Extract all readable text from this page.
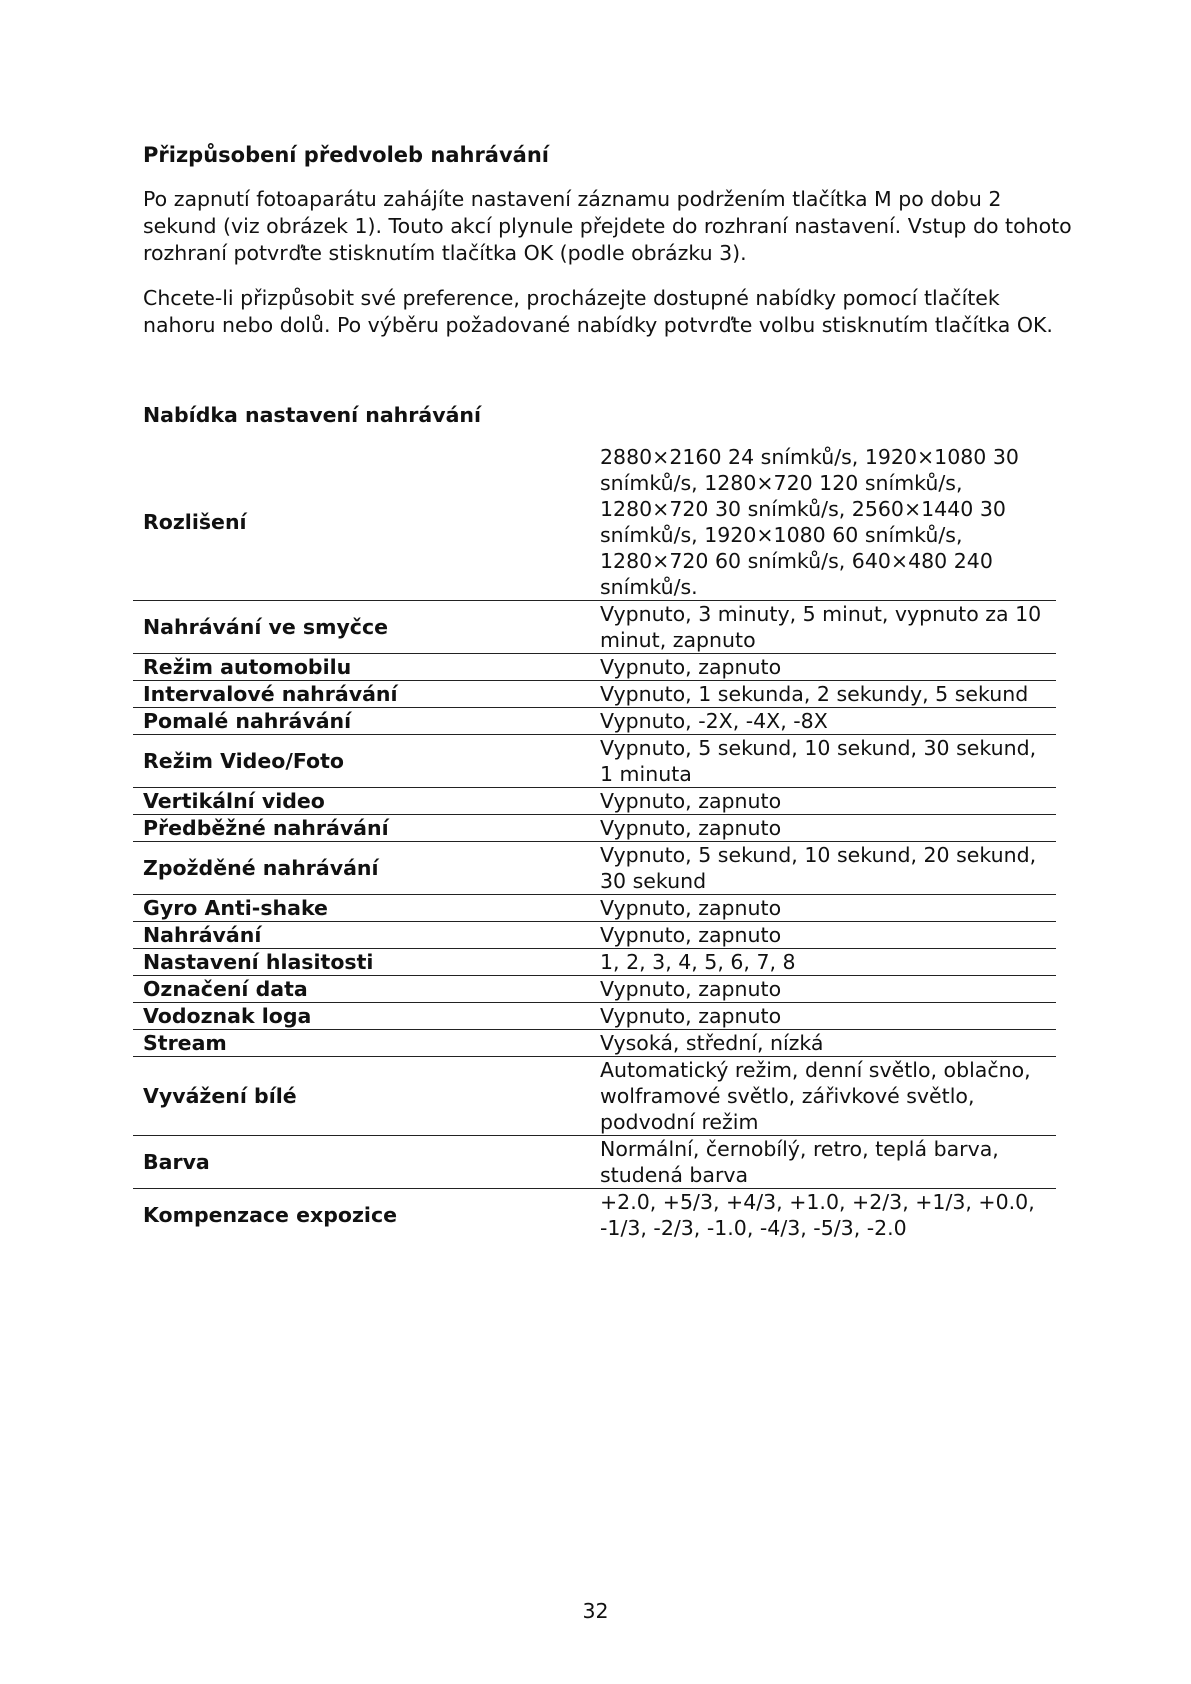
Přizpůsobení předvoleb nahrávání

Po zapnutí fotoaparátu zahájíte nastavení záznamu podržením tlačítka M po dobu 2 sekund (viz obrázek 1). Touto akcí plynule přejdete do rozhraní nastavení. Vstup do tohoto rozhraní potvrďte stisknutím tlačítka OK (podle obrázku 3).

Chcete-li přizpůsobit své preference, procházejte dostupné nabídky pomocí tlačítek nahoru nebo dolů. Po výběru požadované nabídky potvrďte volbu stisknutím tlačítka OK.

Nabídka nastavení nahrávání
Rozlišení	2880×2160 24 snímků/s, 1920×1080 30 snímků/s, 1280×720 120 snímků/s, 1280×720 30 snímků/s, 2560×1440 30 snímků/s, 1920×1080 60 snímků/s, 1280×720 60 snímků/s, 640×480 240 snímků/s.
Nahrávání ve smyčce	Vypnuto, 3 minuty, 5 minut, vypnuto za 10 minut, zapnuto
Režim automobilu	Vypnuto, zapnuto
Intervalové nahrávání	Vypnuto, 1 sekunda, 2 sekundy, 5 sekund
Pomalé nahrávání	Vypnuto, -2X, -4X, -8X
Režim Video/Foto	Vypnuto, 5 sekund, 10 sekund, 30 sekund, 1 minuta
Vertikální video	Vypnuto, zapnuto
Předběžné nahrávání	Vypnuto, zapnuto
Zpožděné nahrávání	Vypnuto, 5 sekund, 10 sekund, 20 sekund, 30 sekund
Gyro Anti-shake	Vypnuto, zapnuto
Nahrávání	Vypnuto, zapnuto
Nastavení hlasitosti	1, 2, 3, 4, 5, 6, 7, 8
Označení data	Vypnuto, zapnuto
Vodoznak loga	Vypnuto, zapnuto
Stream	Vysoká, střední, nízká
Vyvážení bílé	Automatický režim, denní světlo, oblačno, wolframové světlo, zářivkové světlo, podvodní režim
Barva	Normální, černobílý, retro, teplá barva, studená barva
Kompenzace expozice	+2.0, +5/3, +4/3, +1.0, +2/3, +1/3, +0.0, -1/3, -2/3, -1.0, -4/3, -5/3, -2.0
32
